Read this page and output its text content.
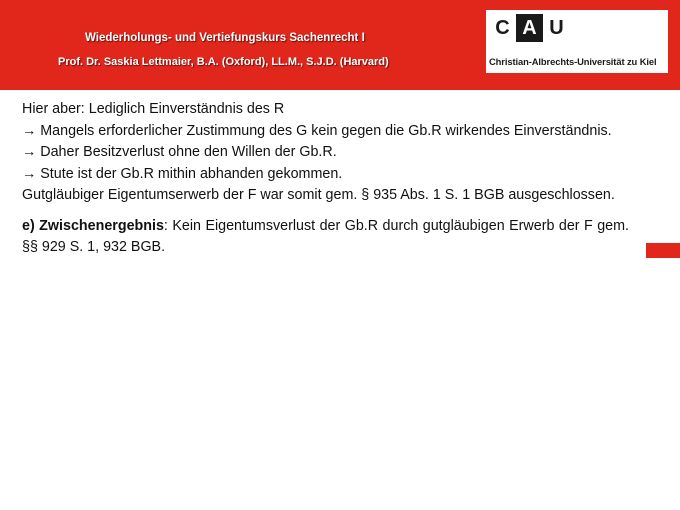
Wiederholungs- und Vertiefungskurs Sachenrecht I
Prof. Dr. Saskia Lettmaier, B.A. (Oxford), LL.M., S.J.D. (Harvard)
C A U
Christian-Albrechts-Universität zu Kiel

Hier aber: Lediglich Einverständnis des R

→ Mangels erforderlicher Zustimmung des G kein gegen die Gb.R wirkendes Einverständnis.

→ Daher Besitzverlust ohne den Willen der Gb.R.

→ Stute ist der Gb.R mithin abhanden gekommen.

Gutgläubiger Eigentumserwerb der F war somit gem. § 935 Abs. 1 S. 1 BGB ausgeschlossen.

e) Zwischenergebnis: Kein Eigentumsverlust der Gb.R durch gutgläubigen Erwerb der F gem. §§ 929 S. 1, 932 BGB.
